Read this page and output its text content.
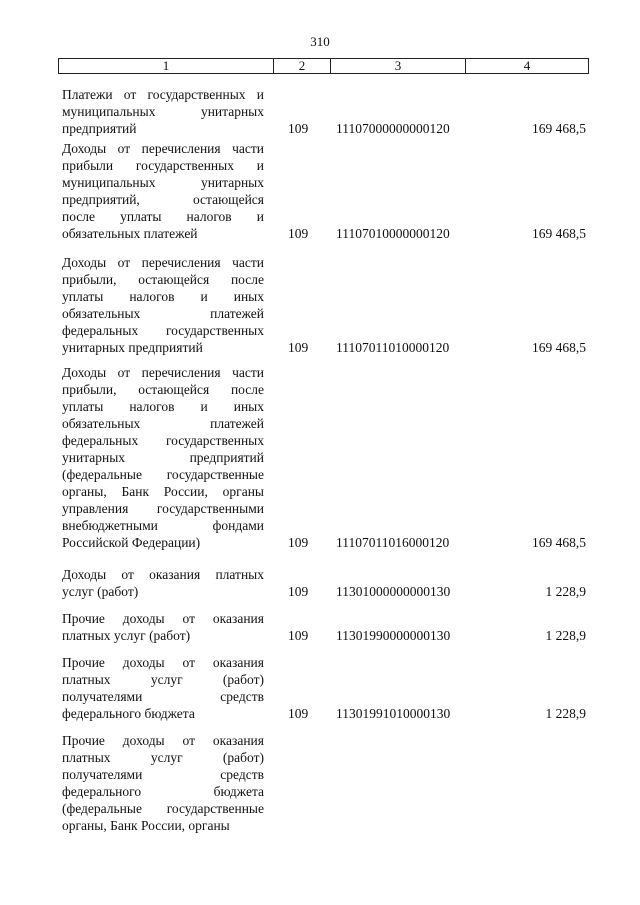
310
1	2	3	4
Платежи от государственных и
муниципальных унитарных
предприятий	109 11107000000000120	169 468,5
Доходы от перечисления части
прибыли государственных и
муниципальных унитарных
предприятий, остающейся
после уплаты налогов и
обязательных платежей	109 11107010000000120	169 468,5
Доходы от перечисления части
прибыли, остающейся после
уплаты налогов и иных
обязательных платежей
федеральных государственных
унитарных предприятий	109 11107011010000120	169 468,5
Доходы от перечисления части
прибыли, остающейся после
уплаты налогов и иных
обязательных платежей
федеральных государственных
унитарных предприятий
(федеральные государственные
органы, Банк России, органы
управления государственными
внебюджетными фондами
Российской Федерации)	109 11107011016000120	169 468,5
Доходы от оказания платных
услуг (работ)	109 11301000000000130	1 228,9
Прочие доходы от оказания
платных услуг (работ)	109 11301990000000130	1 228,9
Прочие доходы от оказания
платных услуг (работ)
получателями средств
федерального бюджета	109 11301991010000130	1 228,9
Прочие доходы от оказания
платных услуг (работ)
получателями средств
федерального бюджета
(федеральные государственные
органы, Банк России, органы
